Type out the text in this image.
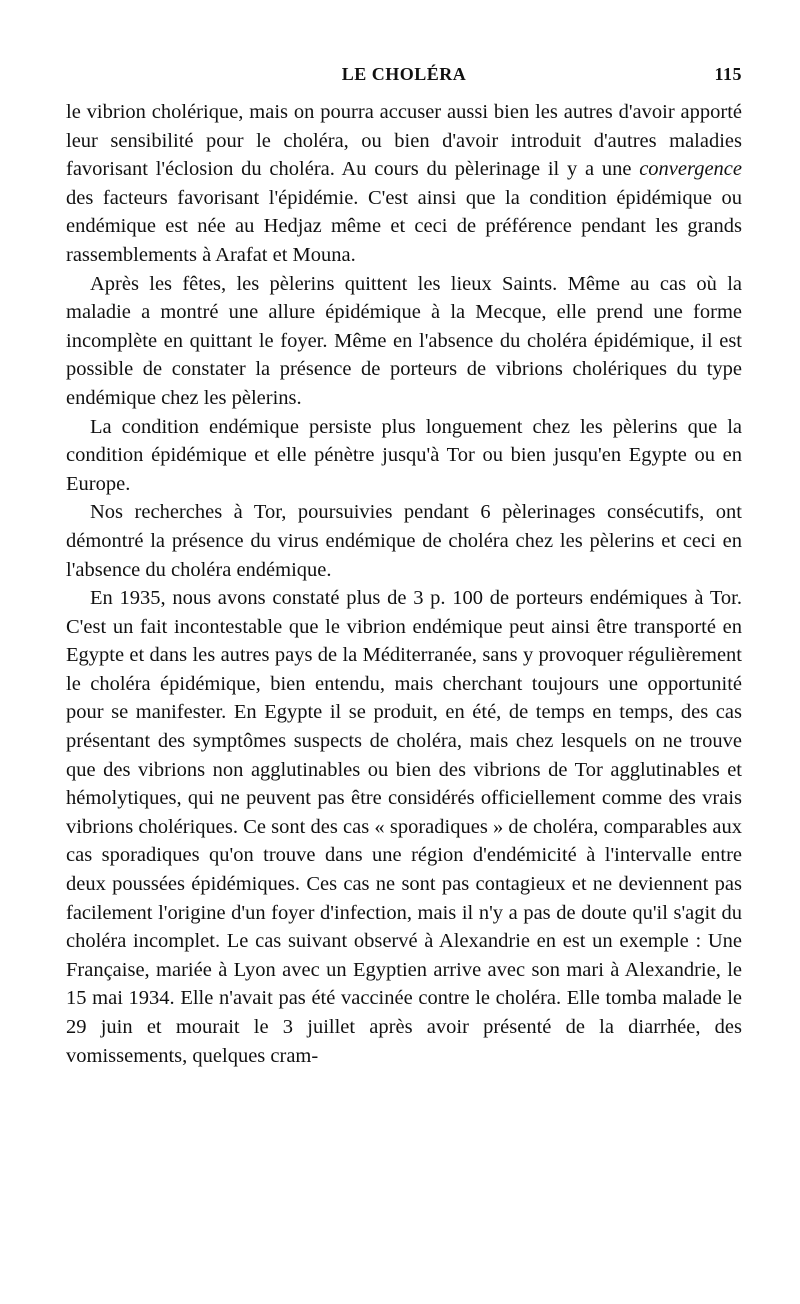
LE CHOLÉRA	115

le vibrion cholérique, mais on pourra accuser aussi bien les autres d'avoir apporté leur sensibilité pour le choléra, ou bien d'avoir introduit d'autres maladies favorisant l'éclosion du choléra. Au cours du pèlerinage il y a une convergence des facteurs favorisant l'épidémie. C'est ainsi que la condition épidémique ou endémique est née au Hedjaz même et ceci de préférence pendant les grands rassemblements à Arafat et Mouna.

Après les fêtes, les pèlerins quittent les lieux Saints. Même au cas où la maladie a montré une allure épidémique à la Mecque, elle prend une forme incomplète en quittant le foyer. Même en l'absence du choléra épidémique, il est possible de constater la présence de porteurs de vibrions cholériques du type endémique chez les pèlerins.

La condition endémique persiste plus longuement chez les pèlerins que la condition épidémique et elle pénètre jusqu'à Tor ou bien jusqu'en Egypte ou en Europe.

Nos recherches à Tor, poursuivies pendant 6 pèlerinages consécutifs, ont démontré la présence du virus endémique de choléra chez les pèlerins et ceci en l'absence du choléra endémique.

En 1935, nous avons constaté plus de 3 p. 100 de porteurs endémiques à Tor. C'est un fait incontestable que le vibrion endémique peut ainsi être transporté en Egypte et dans les autres pays de la Méditerranée, sans y provoquer régulièrement le choléra épidémique, bien entendu, mais cherchant toujours une opportunité pour se manifester. En Egypte il se produit, en été, de temps en temps, des cas présentant des symptômes suspects de choléra, mais chez lesquels on ne trouve que des vibrions non agglutinables ou bien des vibrions de Tor agglutinables et hémolytiques, qui ne peuvent pas être considérés officiellement comme des vrais vibrions cholériques. Ce sont des cas « sporadiques » de choléra, comparables aux cas sporadiques qu'on trouve dans une région d'endémicité à l'intervalle entre deux poussées épidémiques. Ces cas ne sont pas contagieux et ne deviennent pas facilement l'origine d'un foyer d'infection, mais il n'y a pas de doute qu'il s'agit du choléra incomplet. Le cas suivant observé à Alexandrie en est un exemple : Une Française, mariée à Lyon avec un Egyptien arrive avec son mari à Alexandrie, le 15 mai 1934. Elle n'avait pas été vaccinée contre le choléra. Elle tomba malade le 29 juin et mourait le 3 juillet après avoir présenté de la diarrhée, des vomissements, quelques cram-
